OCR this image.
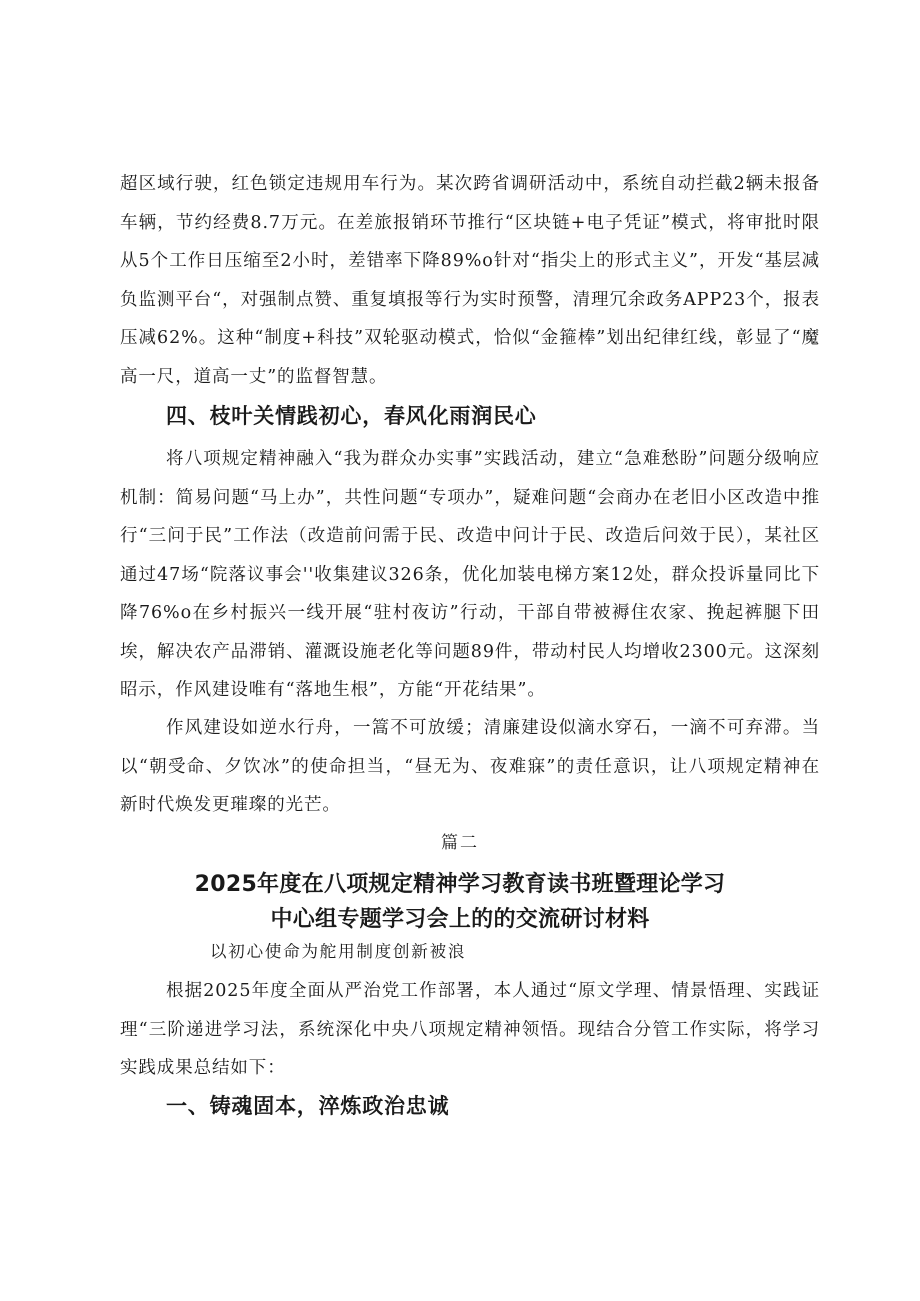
超区域行驶，红色锁定违规用车行为。某次跨省调研活动中，系统自动拦截2辆未报备车辆，节约经费8.7万元。在差旅报销环节推行“区块链+电子凭证”模式，将审批时限从5个工作日压缩至2小时，差错率下降89%o针对“指尖上的形式主义”，开发“基层减负监测平台“，对强制点赞、重复填报等行为实时预警，清理冗余政务APP23个，报表压减62%。这种“制度+科技”双轮驱动模式，恰似“金箍棒”划出纪律红线，彰显了“魔高一尺，道高一丈”的监督智慧。

四、枝叶关情践初心，春风化雨润民心

将八项规定精神融入“我为群众办实事”实践活动，建立“急难愁盼”问题分级响应机制：简易问题“马上办”，共性问题“专项办”，疑难问题“会商办在老旧小区改造中推行“三问于民”工作法（改造前问需于民、改造中问计于民、改造后问效于民），某社区通过47场“院落议事会''收集建议326条，优化加装电梯方案12处，群众投诉量同比下降76%o在乡村振兴一线开展“驻村夜访”行动，干部自带被褥住农家、挽起裤腿下田埃，解决农产品滞销、灌溉设施老化等问题89件，带动村民人均增收2300元。这深刻昭示，作风建设唯有“落地生根”，方能“开花结果”。

作风建设如逆水行舟，一篙不可放缓；清廉建设似滴水穿石，一滴不可弃滞。当以“朝受命、夕饮冰”的使命担当，“昼无为、夜难寐”的责任意识，让八项规定精神在新时代焕发更璀璨的光芒。

篇二

2025年度在八项规定精神学习教育读书班暨理论学习

中心组专题学习会上的的交流研讨材料

以初心使命为舵用制度创新被浪

根据2025年度全面从严治党工作部署，本人通过“原文学理、情景悟理、实践证理“三阶递进学习法，系统深化中央八项规定精神领悟。现结合分管工作实际，将学习实践成果总结如下：

一、铸魂固本，淬炼政治忠诚
